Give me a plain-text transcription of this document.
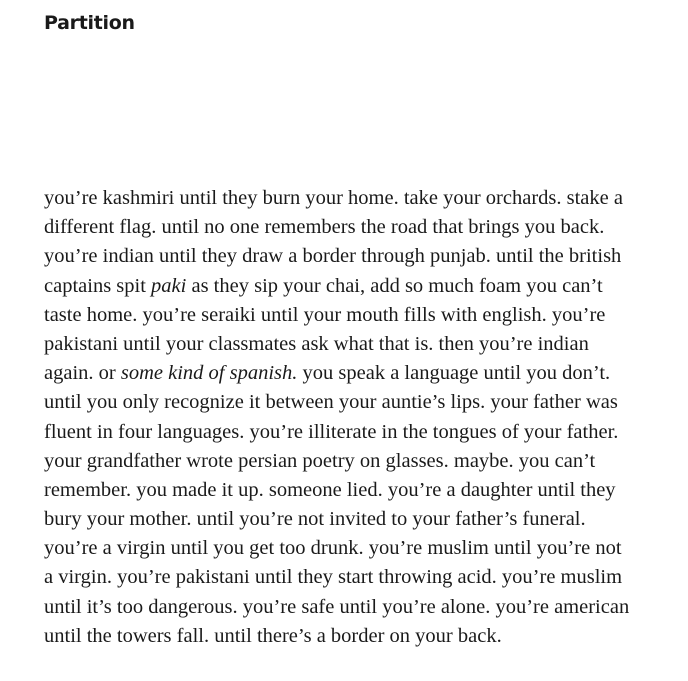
Partition
you’re kashmiri until they burn your home. take your orchards. stake a
different flag. until no one remembers the road that brings you back.
you’re indian until they draw a border through punjab. until the british
captains spit paki as they sip your chai, add so much foam you can’t
taste home. you’re seraiki until your mouth fills with english. you’re
pakistani until your classmates ask what that is. then you’re indian
again. or some kind of spanish. you speak a language until you don’t.
until you only recognize it between your auntie’s lips. your father was
fluent in four languages. you’re illiterate in the tongues of your father.
your grandfather wrote persian poetry on glasses. maybe. you can’t
remember. you made it up. someone lied. you’re a daughter until they
bury your mother. until you’re not invited to your father’s funeral.
you’re a virgin until you get too drunk. you’re muslim until you’re not
a virgin. you’re pakistani until they start throwing acid. you’re muslim
until it’s too dangerous. you’re safe until you’re alone. you’re american
until the towers fall. until there’s a border on your back.
